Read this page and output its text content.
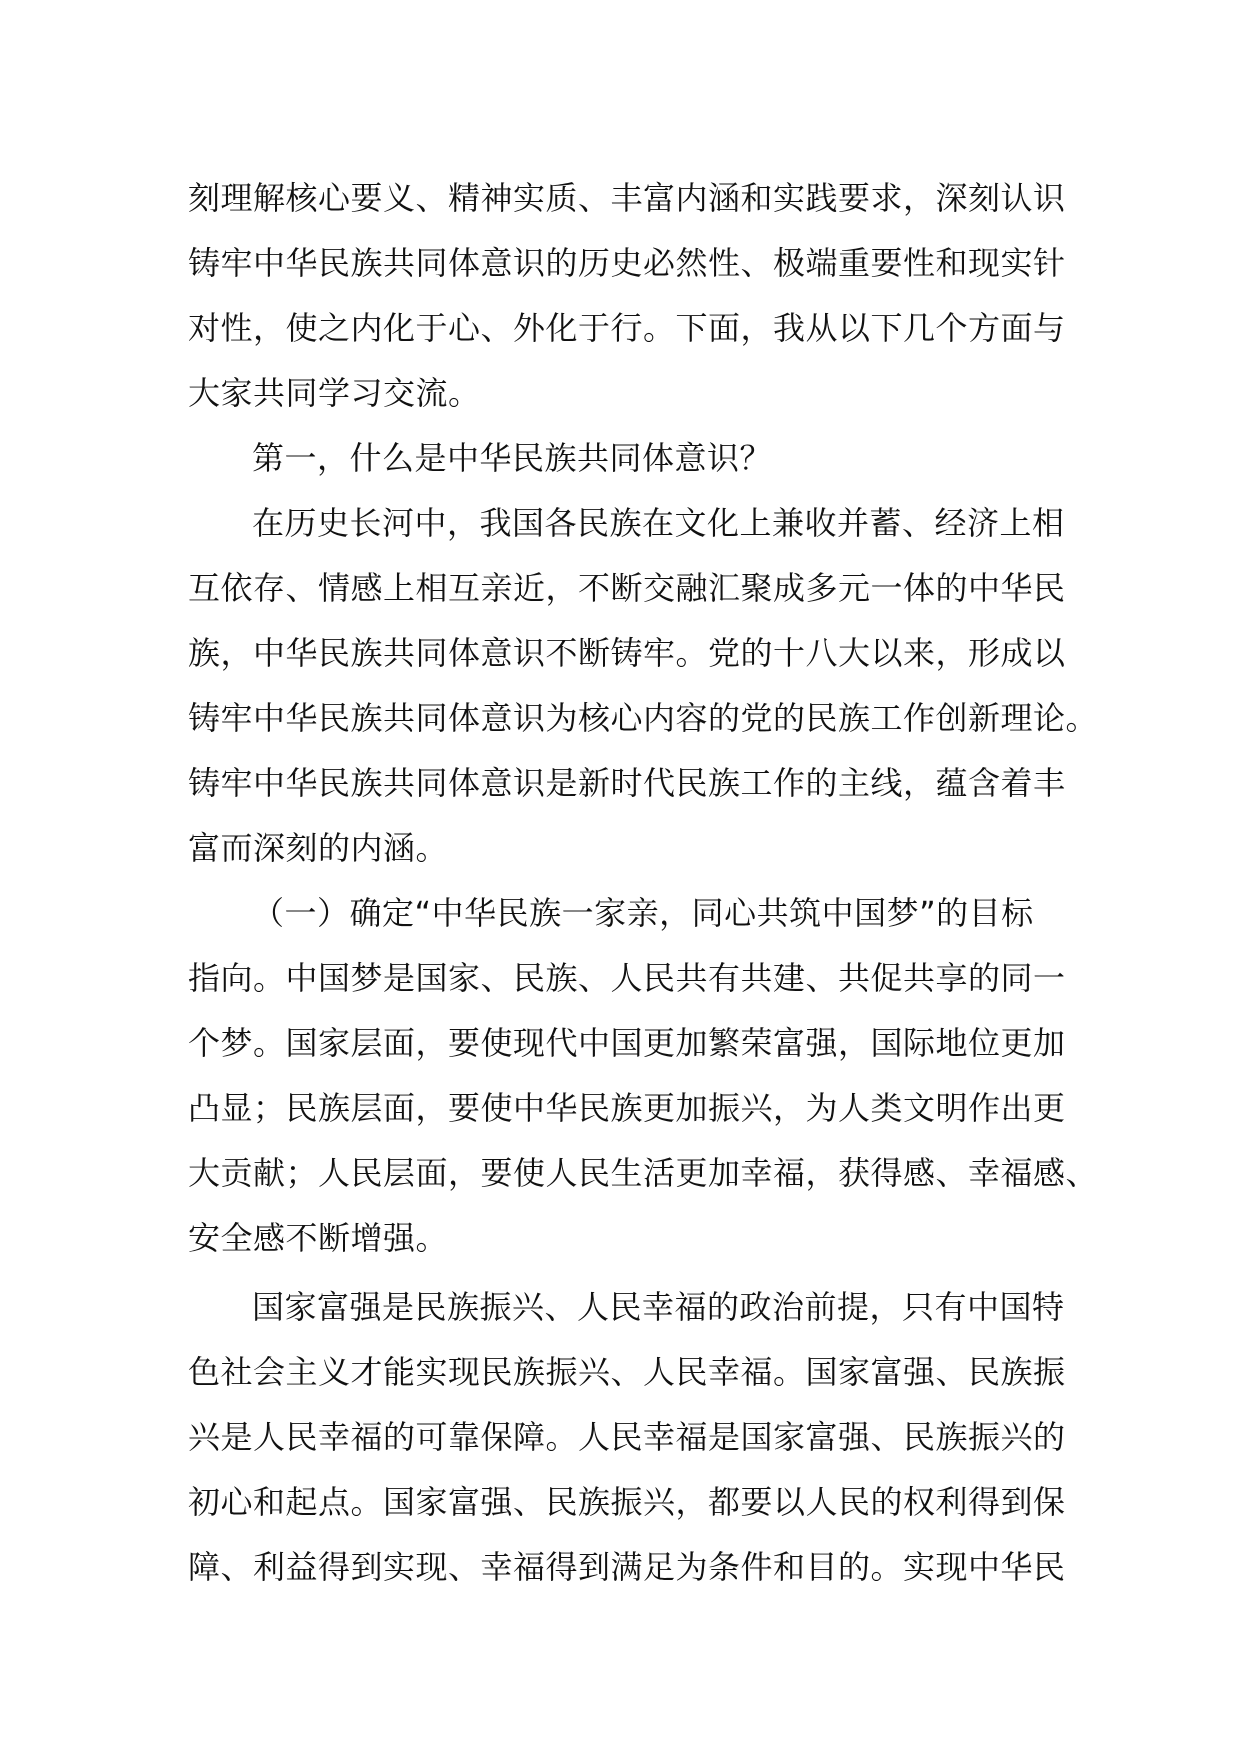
刻理解核心要义、精神实质、丰富内涵和实践要求，深刻认识
铸牢中华民族共同体意识的历史必然性、极端重要性和现实针
对性，使之内化于心、外化于行。下面，我从以下几个方面与
大家共同学习交流。
第一，什么是中华民族共同体意识？
在历史长河中，我国各民族在文化上兼收并蓄、经济上相
互依存、情感上相互亲近，不断交融汇聚成多元一体的中华民
族，中华民族共同体意识不断铸牢。党的十八大以来，形成以
铸牢中华民族共同体意识为核心内容的党的民族工作创新理论。
铸牢中华民族共同体意识是新时代民族工作的主线，蕴含着丰
富而深刻的内涵。
（一）确定“中华民族一家亲，同心共筑中国梦”的目标
指向。中国梦是国家、民族、人民共有共建、共促共享的同一
个梦。国家层面，要使现代中国更加繁荣富强，国际地位更加
凸显；民族层面，要使中华民族更加振兴，为人类文明作出更
大贡献；人民层面，要使人民生活更加幸福，获得感、幸福感、
安全感不断增强。
国家富强是民族振兴、人民幸福的政治前提，只有中国特
色社会主义才能实现民族振兴、人民幸福。国家富强、民族振
兴是人民幸福的可靠保障。人民幸福是国家富强、民族振兴的
初心和起点。国家富强、民族振兴，都要以人民的权利得到保
障、利益得到实现、幸福得到满足为条件和目的。实现中华民
